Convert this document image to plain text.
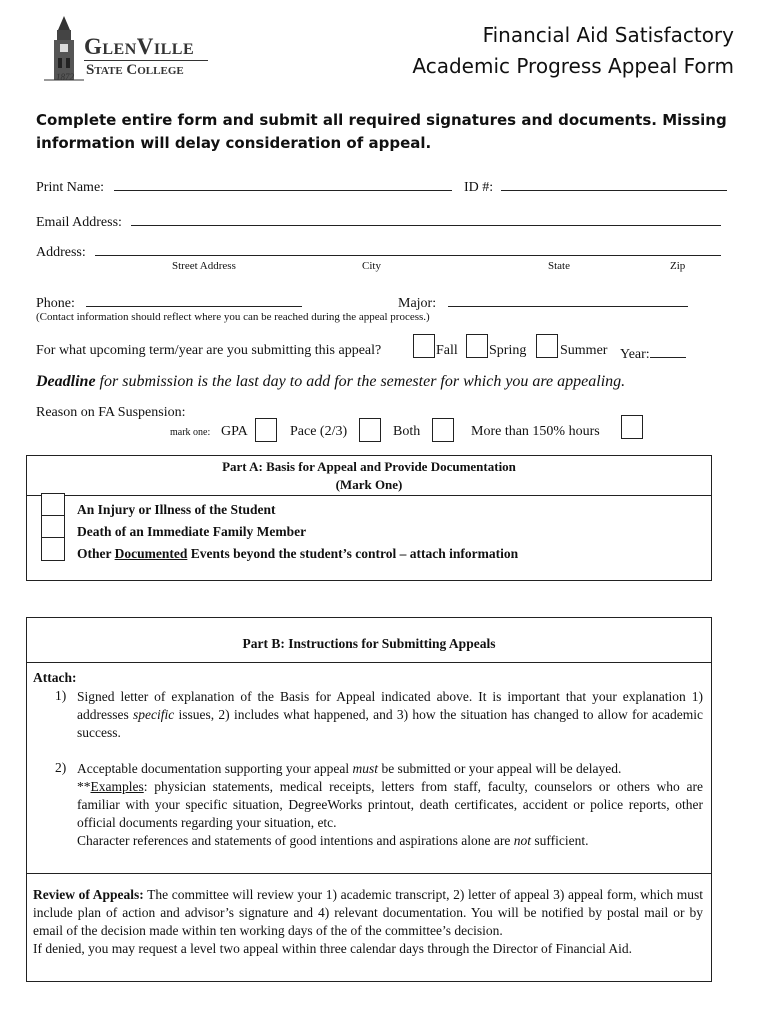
GlenVille
State College
1872
Financial Aid Satisfactory
Academic Progress Appeal Form
Complete entire form and submit all required signatures and documents. Missing information will delay consideration of appeal.
Print Name:	ID #:
Email Address:
Address:
Street Address	City	State	Zip
Phone:	Major:
(Contact information should reflect where you can be reached during the appeal process.)
For what upcoming term/year are you submitting this appeal?	Fall Spring Summer Year:
Deadline for submission is the last day to add for the semester for which you are appealing.
Reason on FA Suspension:
mark one: GPA	Pace (2/3)	Both	More than 150% hours
Part A: Basis for Appeal and Provide Documentation
(Mark One)
An Injury or Illness of the Student
Death of an Immediate Family Member
Other Documented Events beyond the student’s control – attach information
Part B: Instructions for Submitting Appeals
Attach:
1) Signed letter of explanation of the Basis for Appeal indicated above. It is important that your explanation 1) addresses specific issues, 2) includes what happened, and 3) how the situation has changed to allow for academic success.
2) Acceptable documentation supporting your appeal must be submitted or your appeal will be delayed.

**Examples: physician statements, medical receipts, letters from staff, faculty, counselors or others who are familiar with your specific situation, DegreeWorks printout, death certificates, accident or police reports, other official documents regarding your situation, etc.

Character references and statements of good intentions and aspirations alone are not sufficient.

Review of Appeals: The committee will review your 1) academic transcript, 2) letter of appeal 3) appeal form, which must include plan of action and advisor’s signature and 4) relevant documentation. You will be notified by postal mail or by email of the decision made within ten working days of the of the committee’s decision.

If denied, you may request a level two appeal within three calendar days through the Director of Financial Aid.
